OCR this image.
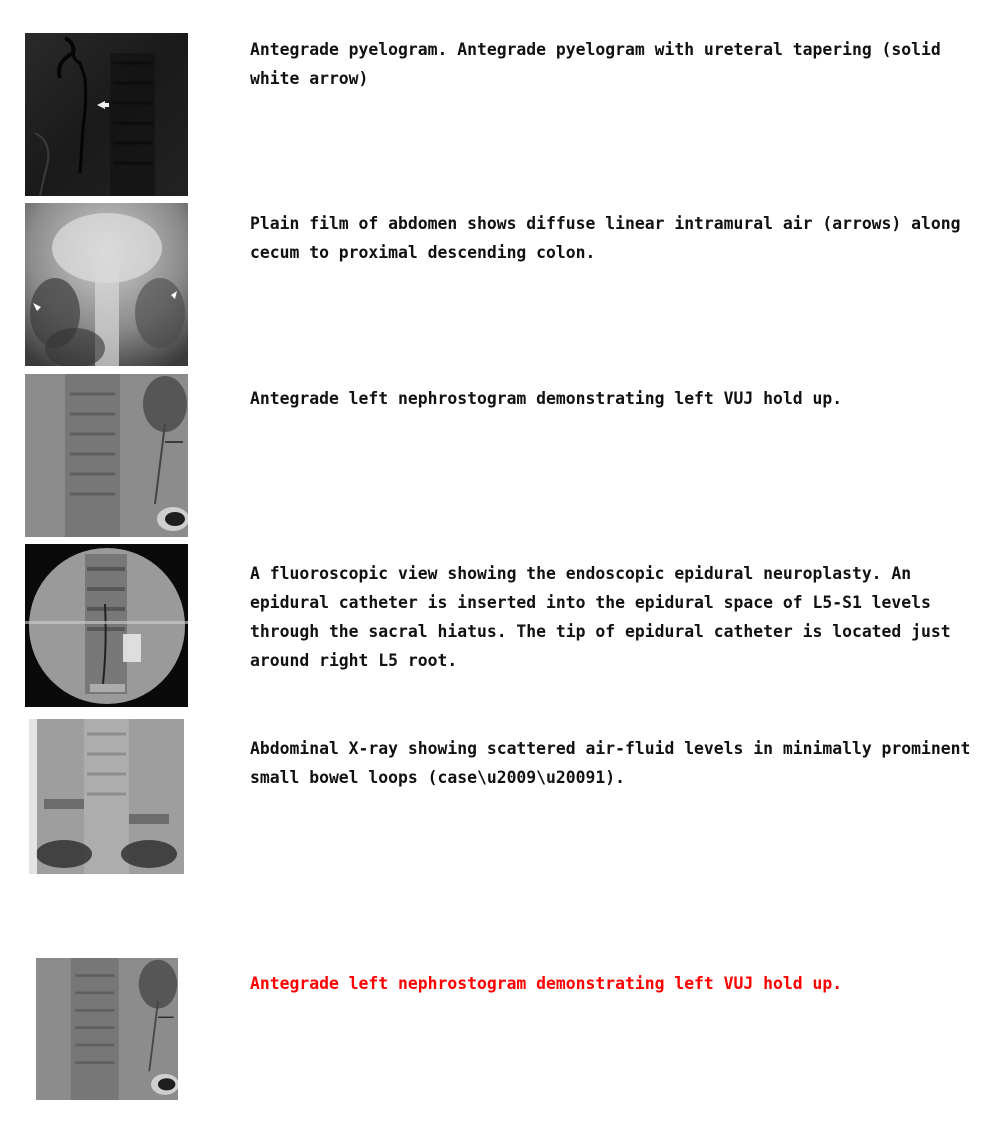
Antegrade pyelogram. Antegrade pyelogram with ureteral tapering (solid white arrow)

Plain film of abdomen shows diffuse linear intramural air (arrows) along cecum to proximal descending colon.

Antegrade left nephrostogram demonstrating left VUJ hold up.

A fluoroscopic view showing the endoscopic epidural neuroplasty. An epidural catheter is inserted into the epidural space of L5-S1 levels through the sacral hiatus. The tip of epidural catheter is located just around right L5 root.

Abdominal X-ray showing scattered air-fluid levels in minimally prominent small bowel loops (case\u2009\u20091).

Antegrade left nephrostogram demonstrating left VUJ hold up.
